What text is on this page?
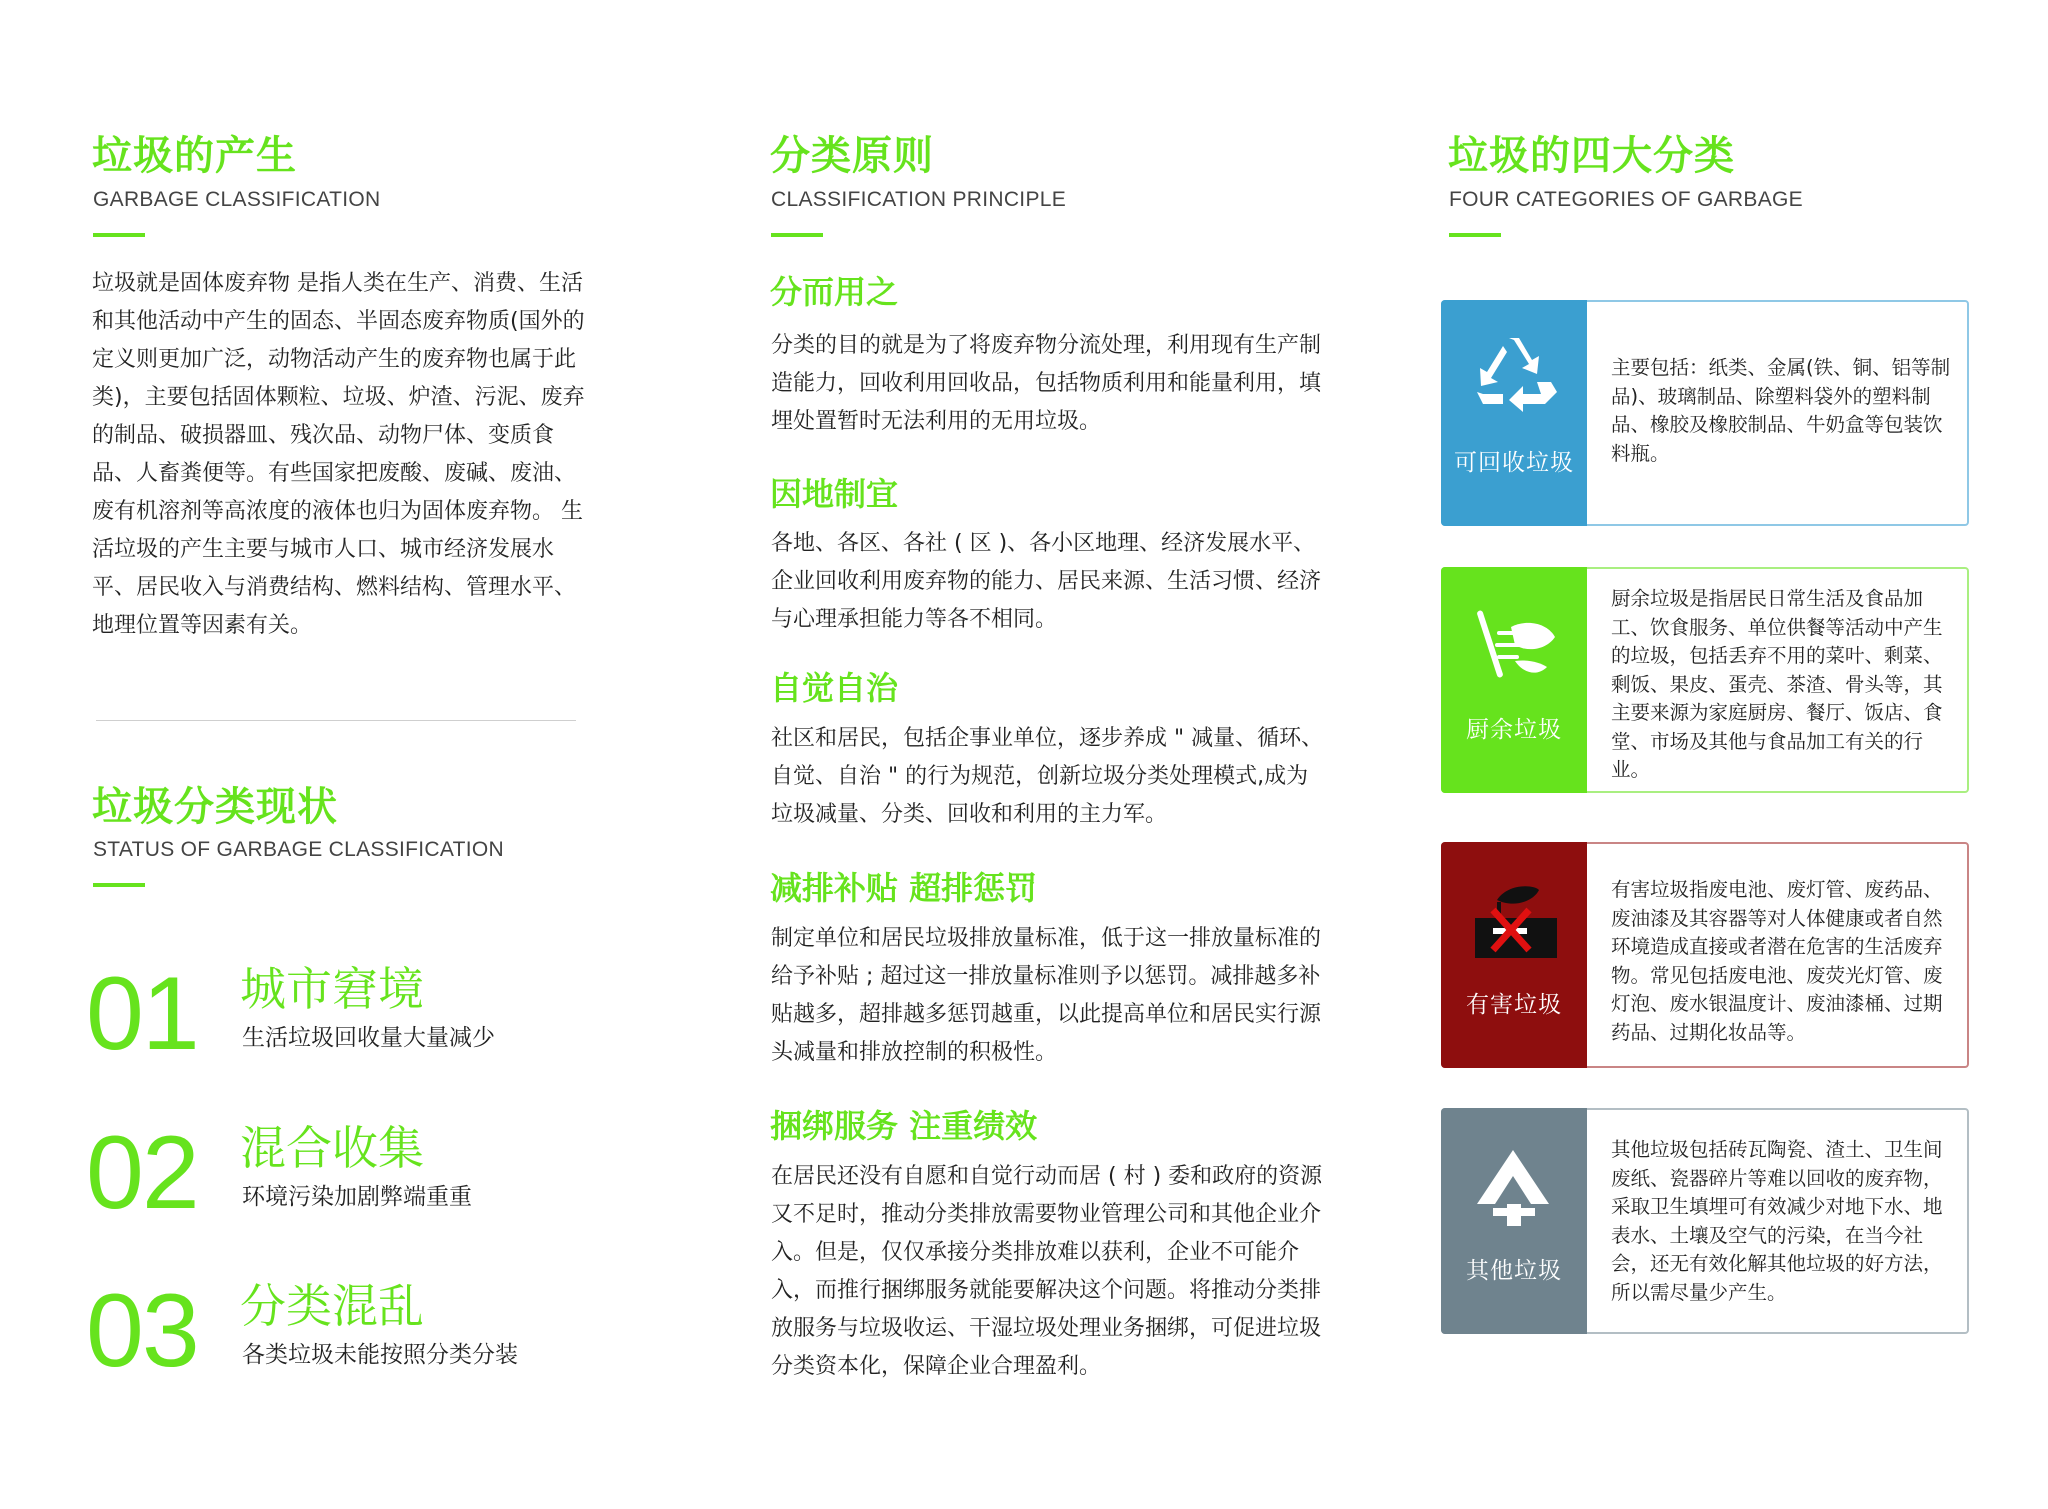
垃圾的产生

GARBAGE CLASSIFICATION

垃圾就是固体废弃物 是指人类在生产、消费、生活和其他活动中产生的固态、半固态废弃物质(国外的定义则更加广泛，动物活动产生的废弃物也属于此类)，主要包括固体颗粒、垃圾、炉渣、污泥、废弃的制品、破损器皿、残次品、动物尸体、变质食品、人畜粪便等。有些国家把废酸、废碱、废油、废有机溶剂等高浓度的液体也归为固体废弃物。 生活垃圾的产生主要与城市人口、城市经济发展水平、居民收入与消费结构、燃料结构、管理水平、地理位置等因素有关。

垃圾分类现状

STATUS OF GARBAGE CLASSIFICATION

01 城市窘境
生活垃圾回收量大量减少
02 混合收集
环境污染加剧弊端重重
03 分类混乱
各类垃圾未能按照分类分装
分类原则

CLASSIFICATION PRINCIPLE

分而用之

分类的目的就是为了将废弃物分流处理，利用现有生产制造能力，回收利用回收品，包括物质利用和能量利用，填埋处置暂时无法利用的无用垃圾。

因地制宜

各地、各区、各社 ( 区 )、各小区地理、经济发展水平、企业回收利用废弃物的能力、居民来源、生活习惯、经济与心理承担能力等各不相同。

自觉自治

社区和居民，包括企事业单位，逐步养成 " 减量、循环、自觉、自治 " 的行为规范，创新垃圾分类处理模式,成为垃圾减量、分类、回收和利用的主力军。

减排补贴 超排惩罚

制定单位和居民垃圾排放量标准，低于这一排放量标准的给予补贴 ; 超过这一排放量标准则予以惩罚。减排越多补贴越多，超排越多惩罚越重，以此提高单位和居民实行源头减量和排放控制的积极性。

捆绑服务 注重绩效

在居民还没有自愿和自觉行动而居 ( 村 ) 委和政府的资源又不足时，推动分类排放需要物业管理公司和其他企业介入。但是，仅仅承接分类排放难以获利，企业不可能介入，而推行捆绑服务就能要解决这个问题。将推动分类排放服务与垃圾收运、干湿垃圾处理业务捆绑，可促进垃圾分类资本化，保障企业合理盈利。

垃圾的四大分类

FOUR CATEGORIES OF GARBAGE

可回收垃圾

主要包括：纸类、金属(铁、铜、铝等制品)、玻璃制品、除塑料袋外的塑料制品、橡胶及橡胶制品、牛奶盒等包装饮料瓶。

厨余垃圾

厨余垃圾是指居民日常生活及食品加工、饮食服务、单位供餐等活动中产生的垃圾，包括丢弃不用的菜叶、剩菜、剩饭、果皮、蛋壳、茶渣、骨头等，其主要来源为家庭厨房、餐厅、饭店、食堂、市场及其他与食品加工有关的行业。

有害垃圾

有害垃圾指废电池、废灯管、废药品、废油漆及其容器等对人体健康或者自然环境造成直接或者潜在危害的生活废弃物。常见包括废电池、废荧光灯管、废灯泡、废水银温度计、废油漆桶、过期药品、过期化妆品等。

其他垃圾

其他垃圾包括砖瓦陶瓷、渣土、卫生间废纸、瓷器碎片等难以回收的废弃物，采取卫生填埋可有效减少对地下水、地表水、土壤及空气的污染，在当今社会，还无有效化解其他垃圾的好方法，所以需尽量少产生。
